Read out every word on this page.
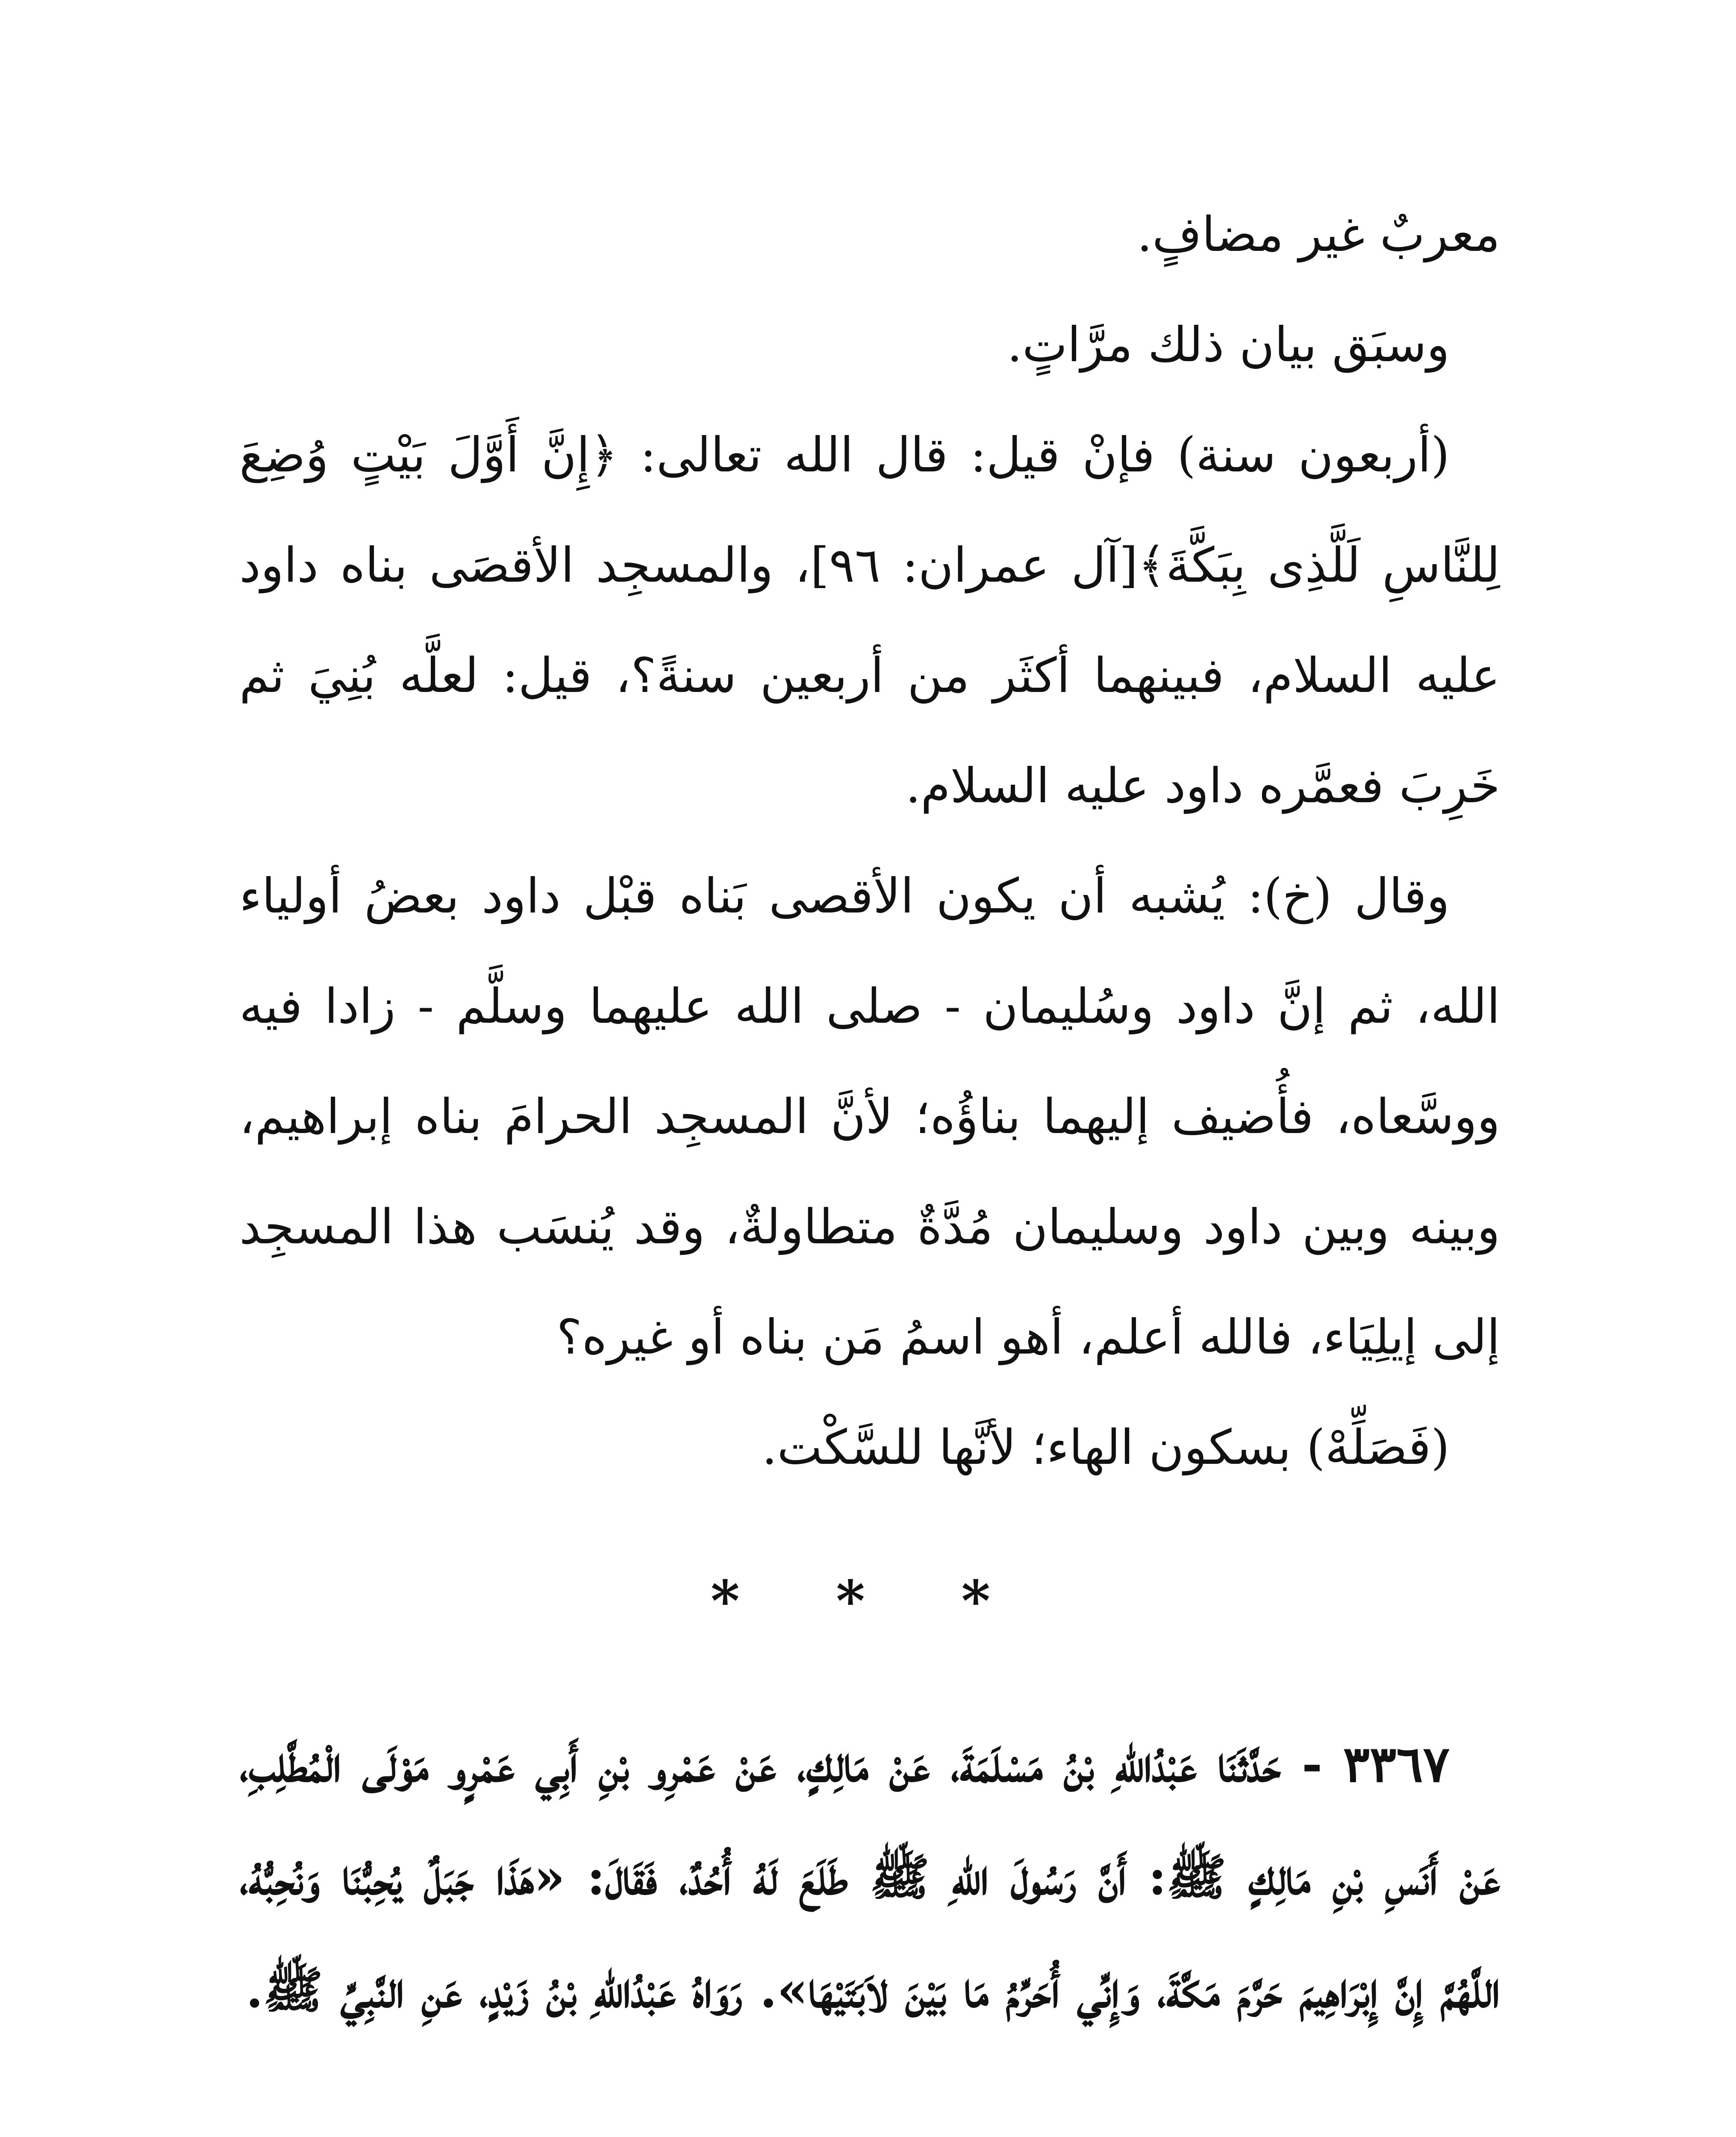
معربٌ غير مضافٍ.

وسبَق بيان ذلك مرَّاتٍ.

(أربعون سنة) فإنْ قيل: قال الله تعالى: ﴿إِنَّ أَوَّلَ بَيْتٍ وُضِعَ لِلنَّاسِ لَلَّذِى بِبَكَّةَ﴾[آل عمران: ٩٦]، والمسجِد الأقصَى بناه داود عليه السلام، فبينهما أكثَر من أربعين سنةً؟، قيل: لعلَّه بُنِيَ ثم خَرِبَ فعمَّره داود عليه السلام.

وقال (خ): يُشبه أن يكون الأقصى بَناه قبْل داود بعضُ أولياء الله، ثم إنَّ داود وسُليمان - صلى الله عليهما وسلَّم - زادا فيه ووسَّعاه، فأُضيف إليهما بناؤُه؛ لأنَّ المسجِد الحرامَ بناه إبراهيم، وبينه وبين داود وسليمان مُدَّةٌ متطاولةٌ، وقد يُنسَب هذا المسجِد إلى إيلِيَاء، فالله أعلم، أهو اسمُ مَن بناه أو غيره؟

(فَصَلِّهْ) بسكون الهاء؛ لأنَّها للسَّكْت.

* * *

٣٣٦٧ - حَدَّثَنَا عَبْدُاللهِ بْنُ مَسْلَمَةَ، عَنْ مَالِكٍ، عَنْ عَمْرِو بْنِ أَبِي عَمْرٍو مَوْلَى الْمُطَّلِبِ، عَنْ أَنَسِ بْنِ مَالِكٍ ﷺ: أَنَّ رَسُولَ اللهِ ﷺ طَلَعَ لَهُ أُحُدٌ، فَقَالَ: «هَذَا جَبَلٌ يُحِبُّنَا وَنُحِبُّهُ، اللَّهُمَّ إِنَّ إِبْرَاهِيمَ حَرَّمَ مَكَّةَ، وَإِنِّي أُحَرِّمُ مَا بَيْنَ لاَبَتَيْهَا». رَوَاهُ عَبْدُاللهِ بْنُ زَيْدٍ، عَنِ النَّبِيِّ ﷺ.
